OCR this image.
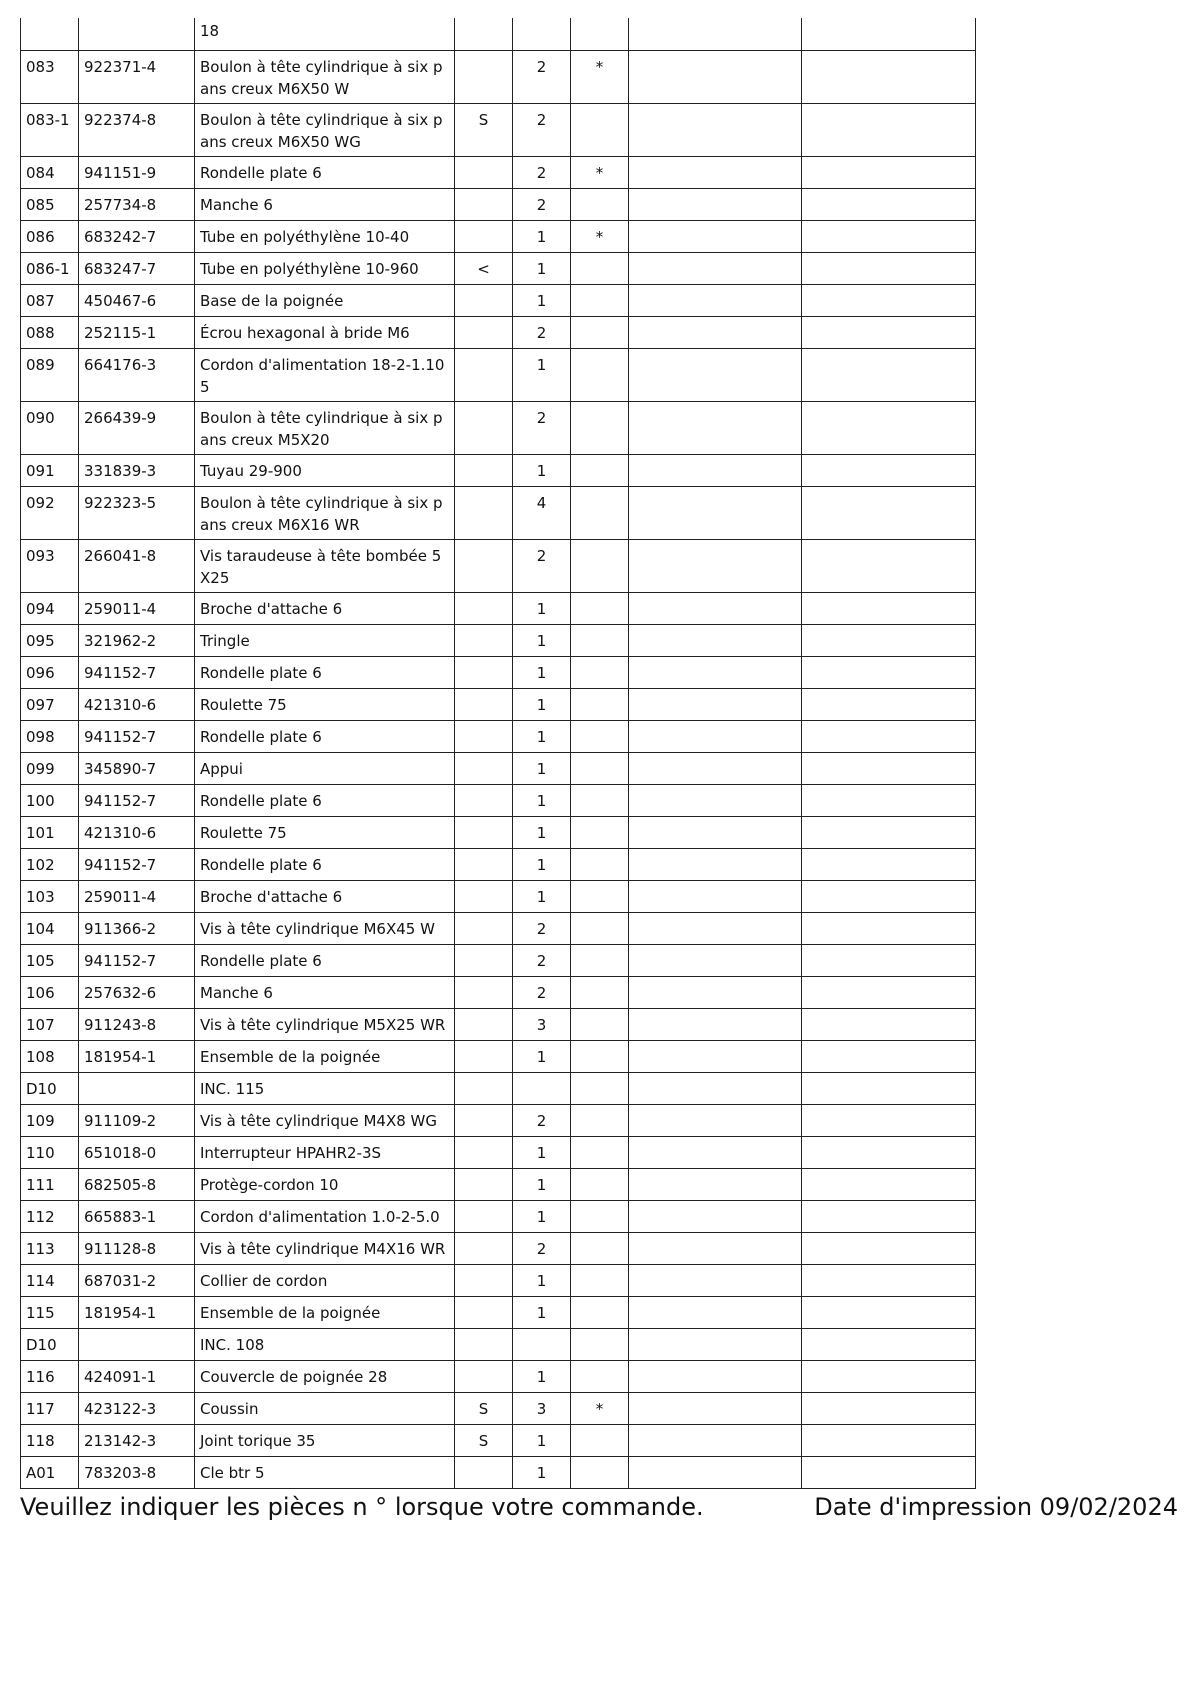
		18					
083	922371-4	Boulon à tête cylindrique à six pans creux M6X50 W		2	*		
083-1	922374-8	Boulon à tête cylindrique à six pans creux M6X50 WG	S	2			
084	941151-9	Rondelle plate 6		2	*		
085	257734-8	Manche 6		2			
086	683242-7	Tube en polyéthylène 10-40		1	*		
086-1	683247-7	Tube en polyéthylène 10-960	<	1			
087	450467-6	Base de la poignée		1			
088	252115-1	Écrou hexagonal à bride M6		2			
089	664176-3	Cordon d'alimentation 18-2-1.105		1			
090	266439-9	Boulon à tête cylindrique à six pans creux M5X20		2			
091	331839-3	Tuyau 29-900		1			
092	922323-5	Boulon à tête cylindrique à six pans creux M6X16 WR		4			
093	266041-8	Vis taraudeuse à tête bombée 5X25		2			
094	259011-4	Broche d'attache 6		1			
095	321962-2	Tringle		1			
096	941152-7	Rondelle plate 6		1			
097	421310-6	Roulette 75		1			
098	941152-7	Rondelle plate 6		1			
099	345890-7	Appui		1			
100	941152-7	Rondelle plate 6		1			
101	421310-6	Roulette 75		1			
102	941152-7	Rondelle plate 6		1			
103	259011-4	Broche d'attache 6		1			
104	911366-2	Vis à tête cylindrique M6X45 W		2			
105	941152-7	Rondelle plate 6		2			
106	257632-6	Manche 6		2			
107	911243-8	Vis à tête cylindrique M5X25 WR		3			
108	181954-1	Ensemble de la poignée		1			
D10		INC. 115					
109	911109-2	Vis à tête cylindrique M4X8 WG		2			
110	651018-0	Interrupteur HPAHR2-3S		1			
111	682505-8	Protège-cordon 10		1			
112	665883-1	Cordon d'alimentation 1.0-2-5.0		1			
113	911128-8	Vis à tête cylindrique M4X16 WR		2			
114	687031-2	Collier de cordon		1			
115	181954-1	Ensemble de la poignée		1			
D10		INC. 108					
116	424091-1	Couvercle de poignée 28		1			
117	423122-3	Coussin	S	3	*		
118	213142-3	Joint torique 35	S	1			
A01	783203-8	Cle btr 5		1			
Veuillez indiquer les pièces n ° lorsque votre commande.	Date d'impression 09/02/2024
